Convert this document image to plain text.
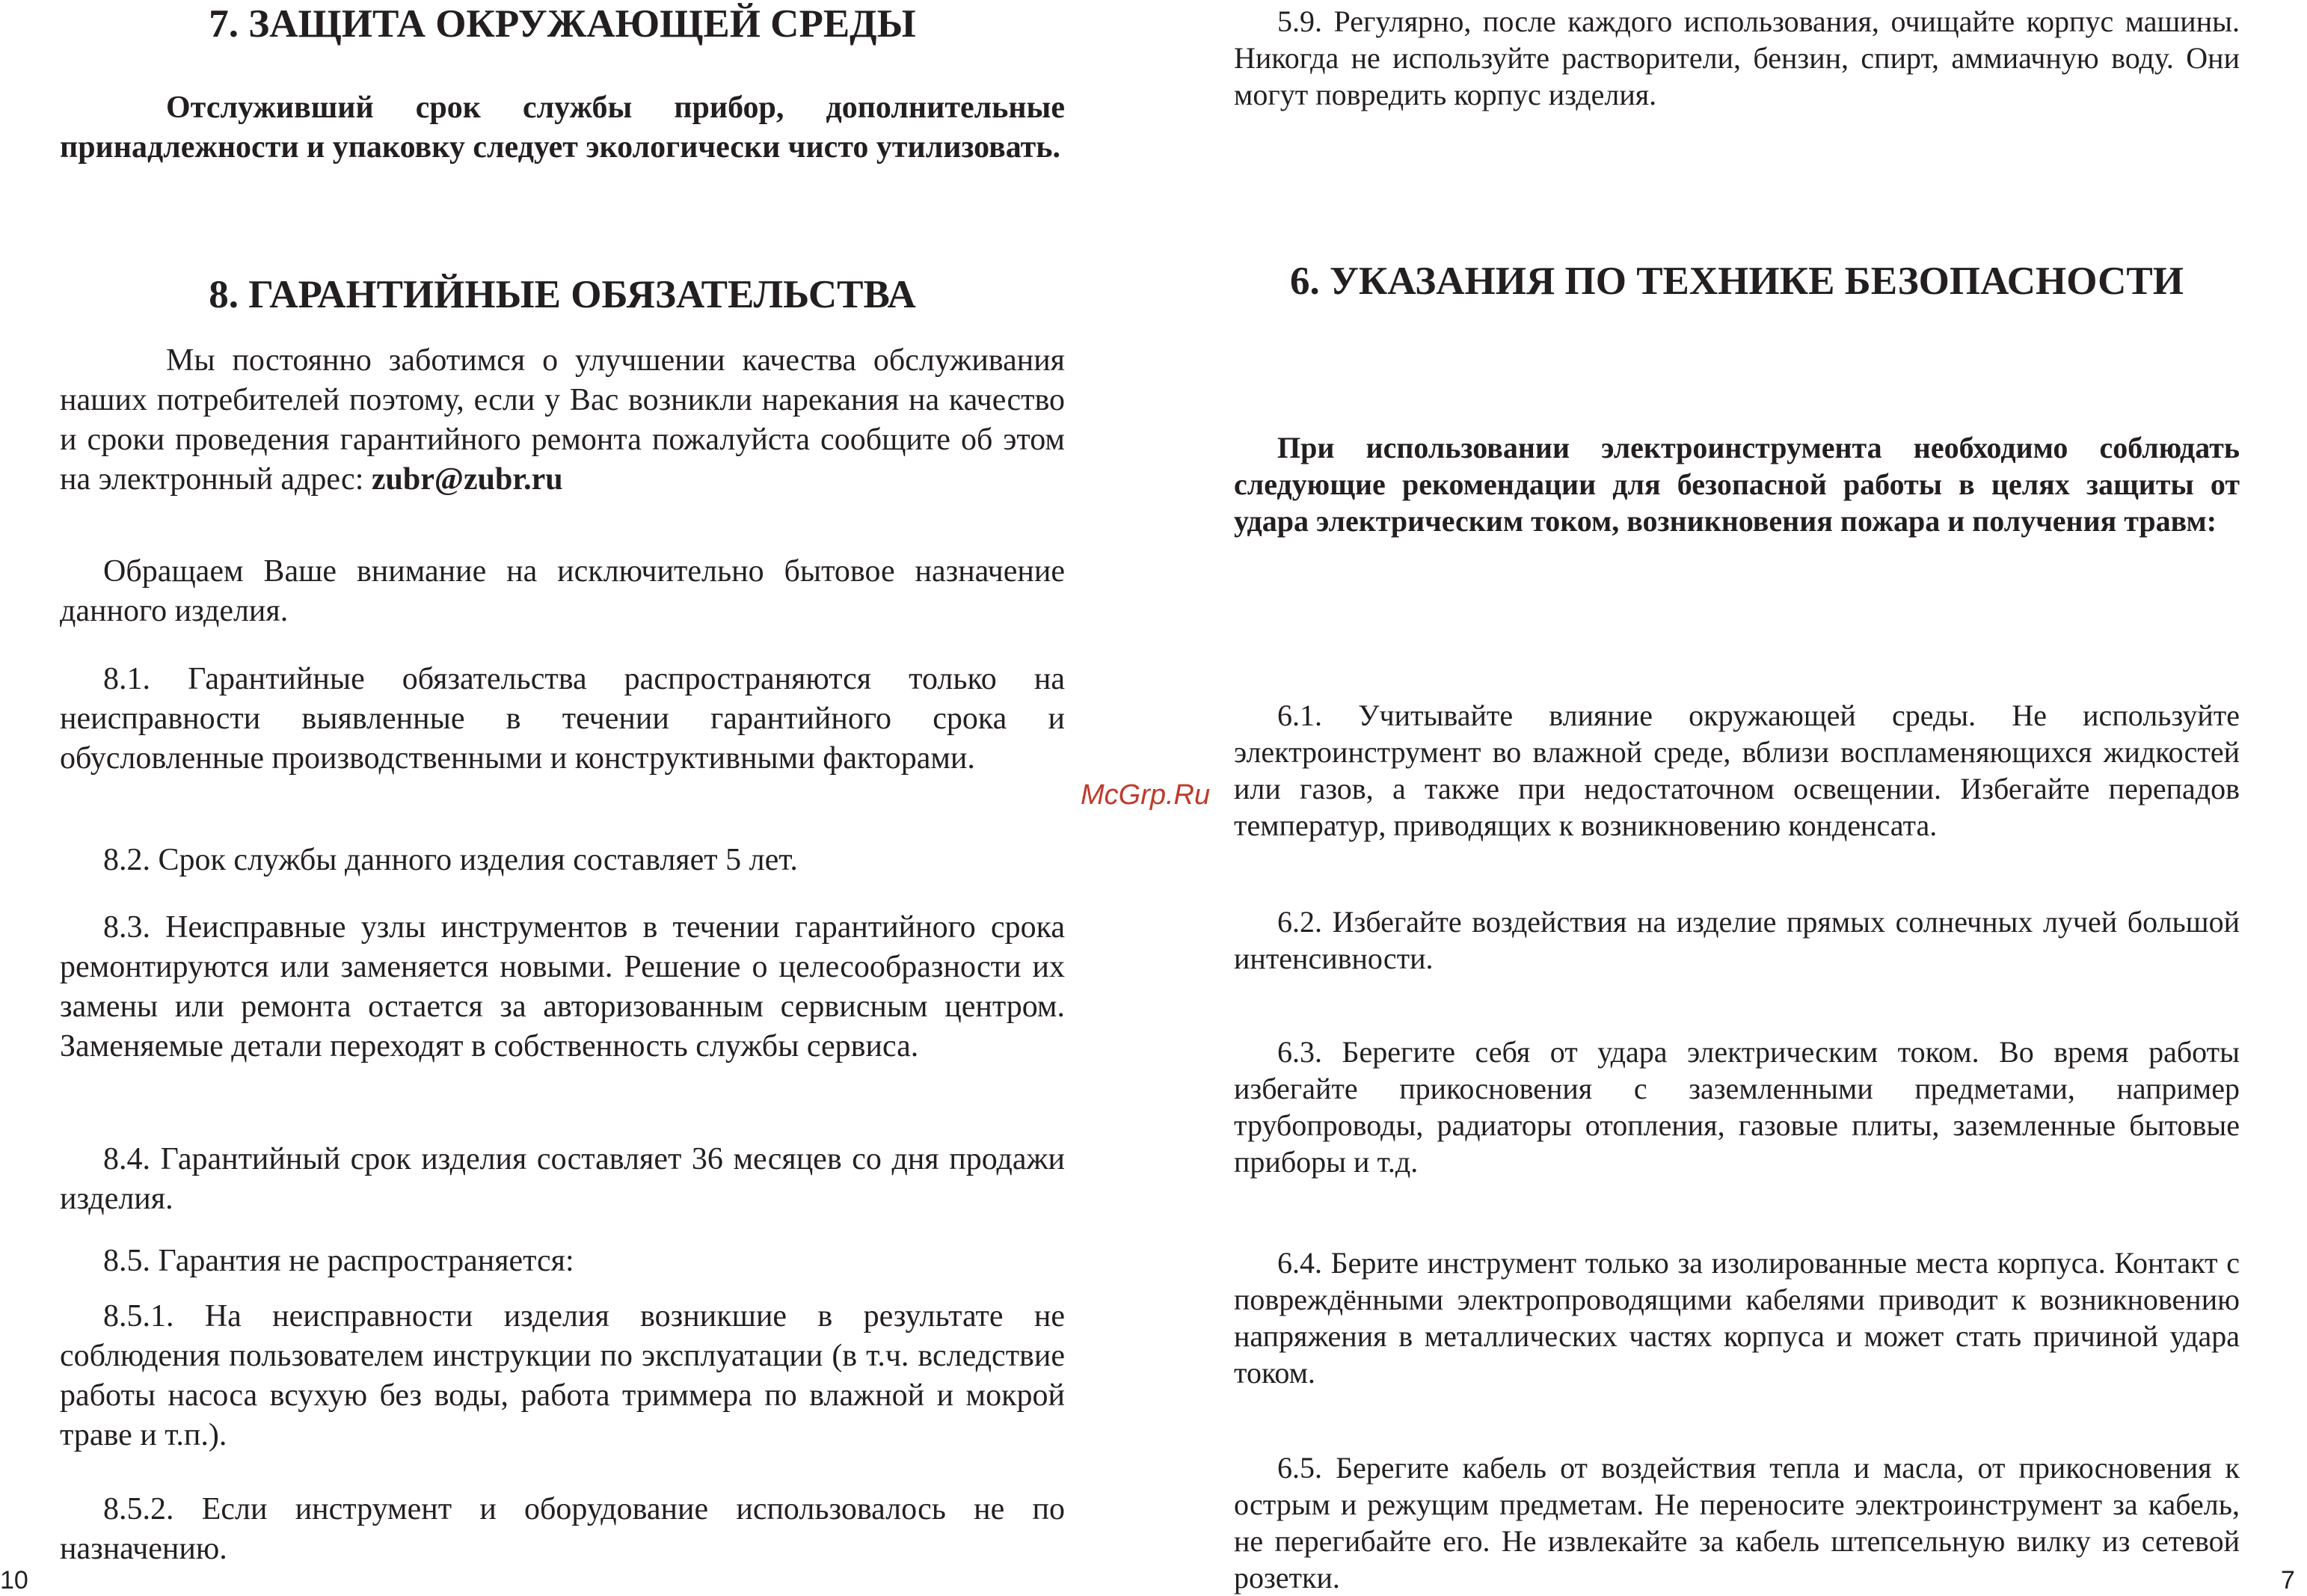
7. ЗАЩИТА ОКРУЖАЮЩЕЙ СРЕДЫ

Отслуживший срок службы прибор, дополнительные принадлежности и упаковку следует экологически чисто утилизовать.

8. ГАРАНТИЙНЫЕ ОБЯЗАТЕЛЬСТВА

Мы постоянно заботимся о улучшении качества обслуживания наших потребителей поэтому, если у Вас возникли нарекания на качество и сроки проведения гарантийного ремонта пожалуйста сообщите об этом на электронный адрес: zubr@zubr.ru

Обращаем Ваше внимание на исключительно бытовое назначение данного изделия.

8.1. Гарантийные обязательства распространяются только на неисправности выявленные в течении гарантийного срока и обусловленные производственными и конструктивными факторами.

8.2. Срок службы данного изделия составляет 5 лет.

8.3. Неисправные узлы инструментов в течении гарантийного срока ремонтируются или заменяется новыми. Решение о целесообразности их замены или ремонта остается за авторизованным сервисным центром. Заменяемые детали переходят в собственность службы сервиса.

8.4. Гарантийный срок изделия составляет 36 месяцев со дня продажи изделия.

8.5. Гарантия не распространяется:

8.5.1. На неисправности изделия возникшие в результате не соблюдения пользователем инструкции по эксплуатации (в т.ч. вследствие работы насоса всухую без воды, работа триммера по влажной и мокрой траве и т.п.).

8.5.2. Если инструмент и оборудование использовалось не по назначению.

5.9. Регулярно, после каждого использования, очищайте корпус машины. Никогда не используйте растворители, бензин, спирт, аммиачную воду. Они могут повредить корпус изделия.

6. УКАЗАНИЯ ПО ТЕХНИКЕ БЕЗОПАСНОСТИ

При использовании электроинструмента необходимо соблюдать следующие рекомендации для безопасной работы в целях защиты от удара электрическим током, возникновения пожара и получения травм:

6.1. Учитывайте влияние окружающей среды. Не используйте электроинструмент во влажной среде, вблизи воспламеняющихся жидкостей или газов, а также при недостаточном освещении. Избегайте перепадов температур, приводящих к возникновению конденсата.

6.2. Избегайте воздействия на изделие прямых солнечных лучей большой интенсивности.

6.3. Берегите себя от удара электрическим током. Во время работы избегайте прикосновения с заземленными предметами, например трубопроводы, радиаторы отопления, газовые плиты, заземленные бытовые приборы и т.д.

6.4. Берите инструмент только за изолированные места корпуса. Контакт с повреждёнными электропроводящими кабелями приводит к возникновению напряжения в металлических частях корпуса и может стать причиной удара током.

6.5. Берегите кабель от воздействия тепла и масла, от прикосновения к острым и режущим предметам. Не переносите электроинструмент за кабель, не перегибайте его. Не извлекайте за кабель штепсельную вилку из сетевой розетки.

McGrp.Ru
10	7
